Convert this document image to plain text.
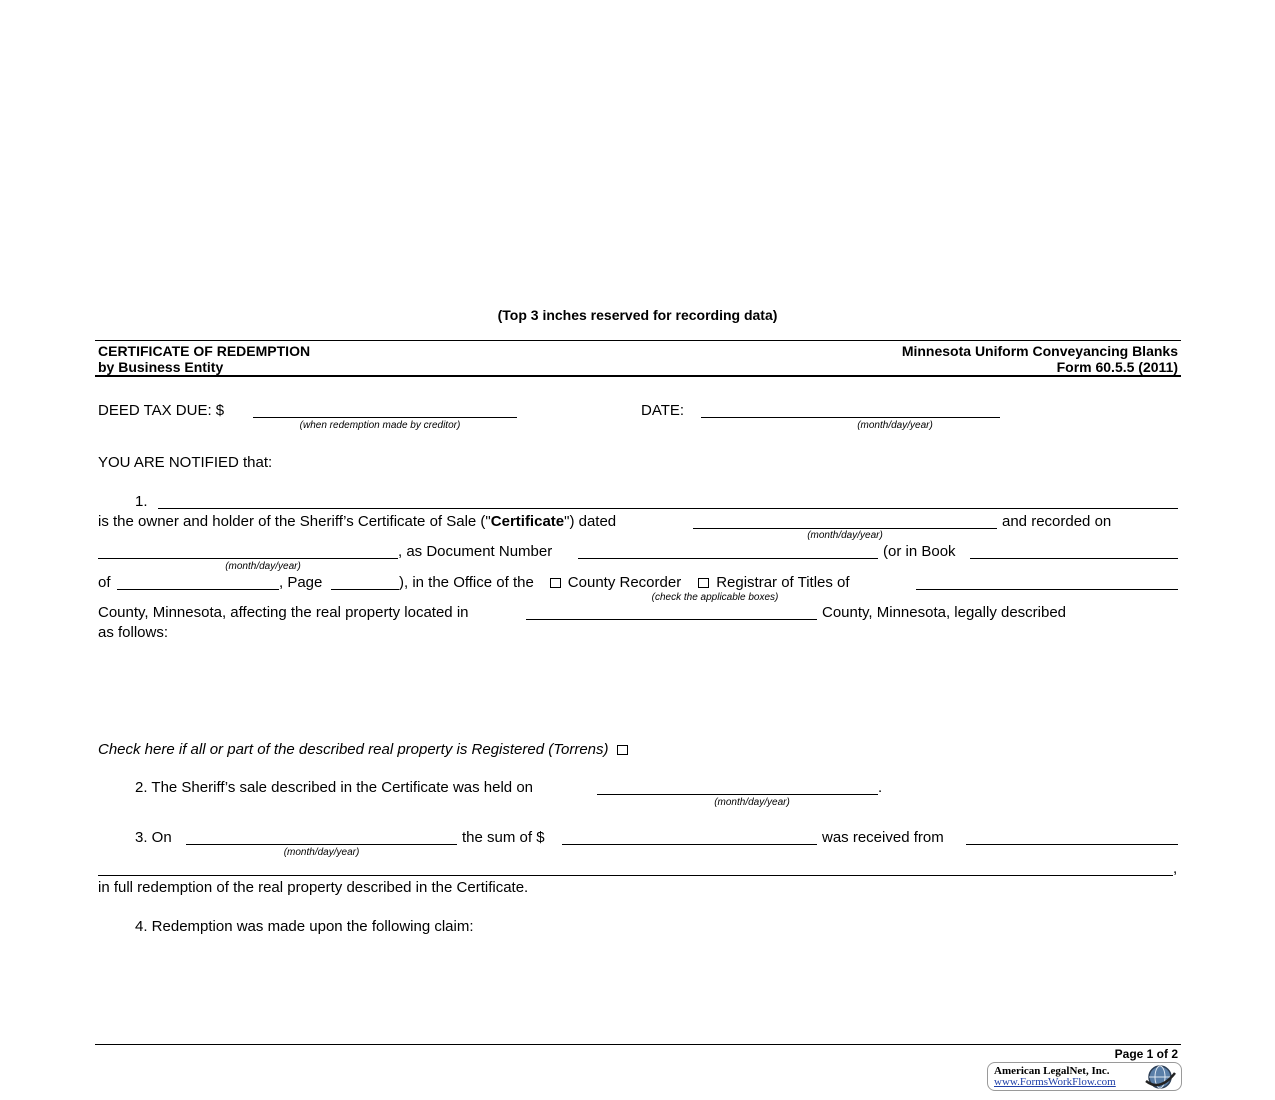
(Top 3 inches reserved for recording data)
CERTIFICATE OF REDEMPTION
by Business Entity
Minnesota Uniform Conveyancing Blanks
Form 60.5.5 (2011)
DEED TAX DUE: $
(when redemption made by creditor)
DATE:
(month/day/year)
YOU ARE NOTIFIED that:
1.
is the owner and holder of the Sheriff’s Certificate of Sale ("Certificate") dated	and recorded on
(month/day/year)
, as Document Number	(or in Book
(month/day/year)
of	, Page	), in the Office of the County Recorder Registrar of Titles of
(check the applicable boxes)
County, Minnesota, affecting the real property located in	County, Minnesota, legally described
as follows:
Check here if all or part of the described real property is Registered (Torrens)
2. The Sheriff’s sale described in the Certificate was held on	.
(month/day/year)
3. On	the sum of $	was received from
(month/day/year)
,
in full redemption of the real property described in the Certificate.
4. Redemption was made upon the following claim:
Page 1 of 2
American LegalNet, Inc.
www.FormsWorkFlow.com
